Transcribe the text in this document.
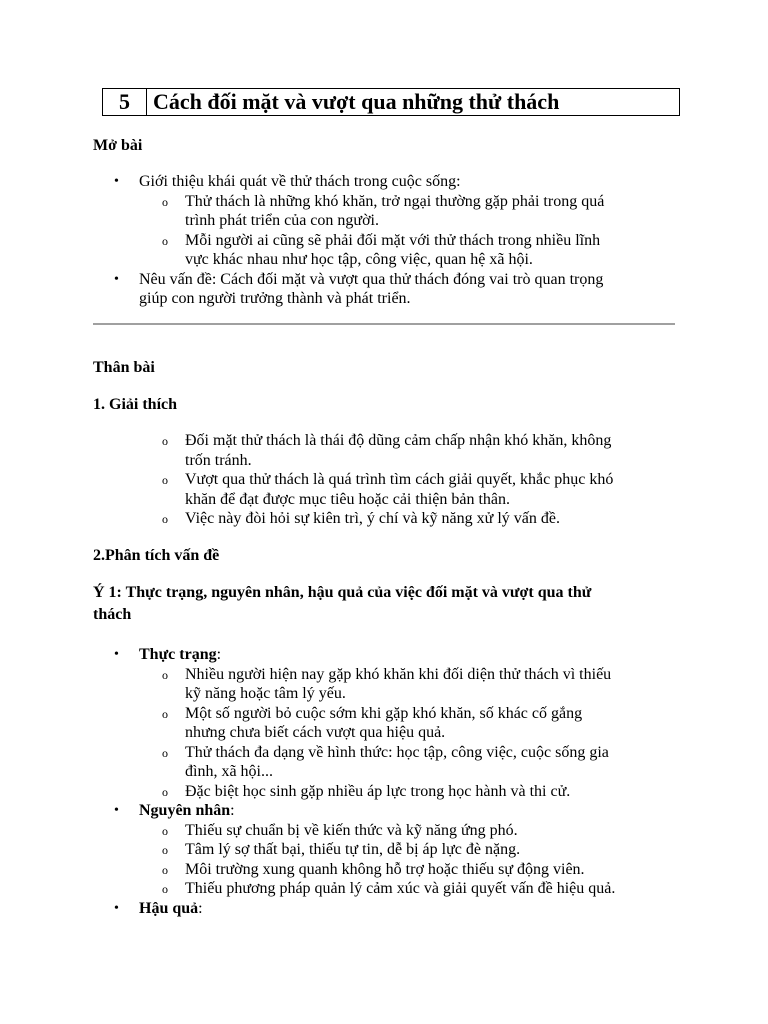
5	Cách đối mặt và vượt qua những thử thách
Mở bài
• Giới thiệu khái quát về thử thách trong cuộc sống:
o Thử thách là những khó khăn, trở ngại thường gặp phải trong quá
trình phát triển của con người.
o Mỗi người ai cũng sẽ phải đối mặt với thử thách trong nhiều lĩnh
vực khác nhau như học tập, công việc, quan hệ xã hội.
• Nêu vấn đề: Cách đối mặt và vượt qua thử thách đóng vai trò quan trọng
giúp con người trưởng thành và phát triển.
Thân bài
1. Giải thích
o Đối mặt thử thách là thái độ dũng cảm chấp nhận khó khăn, không
trốn tránh.
o Vượt qua thử thách là quá trình tìm cách giải quyết, khắc phục khó
khăn để đạt được mục tiêu hoặc cải thiện bản thân.
o Việc này đòi hỏi sự kiên trì, ý chí và kỹ năng xử lý vấn đề.
2.Phân tích vấn đề
Ý 1: Thực trạng, nguyên nhân, hậu quả của việc đối mặt và vượt qua thử
thách
• Thực trạng:
o Nhiều người hiện nay gặp khó khăn khi đối diện thử thách vì thiếu
kỹ năng hoặc tâm lý yếu.
o Một số người bỏ cuộc sớm khi gặp khó khăn, số khác cố gắng
nhưng chưa biết cách vượt qua hiệu quả.
o Thử thách đa dạng về hình thức: học tập, công việc, cuộc sống gia
đình, xã hội...
o Đặc biệt học sinh gặp nhiều áp lực trong học hành và thi cử.
• Nguyên nhân:
o Thiếu sự chuẩn bị về kiến thức và kỹ năng ứng phó.
o Tâm lý sợ thất bại, thiếu tự tin, dễ bị áp lực đè nặng.
o Môi trường xung quanh không hỗ trợ hoặc thiếu sự động viên.
o Thiếu phương pháp quản lý cảm xúc và giải quyết vấn đề hiệu quả.
• Hậu quả:
